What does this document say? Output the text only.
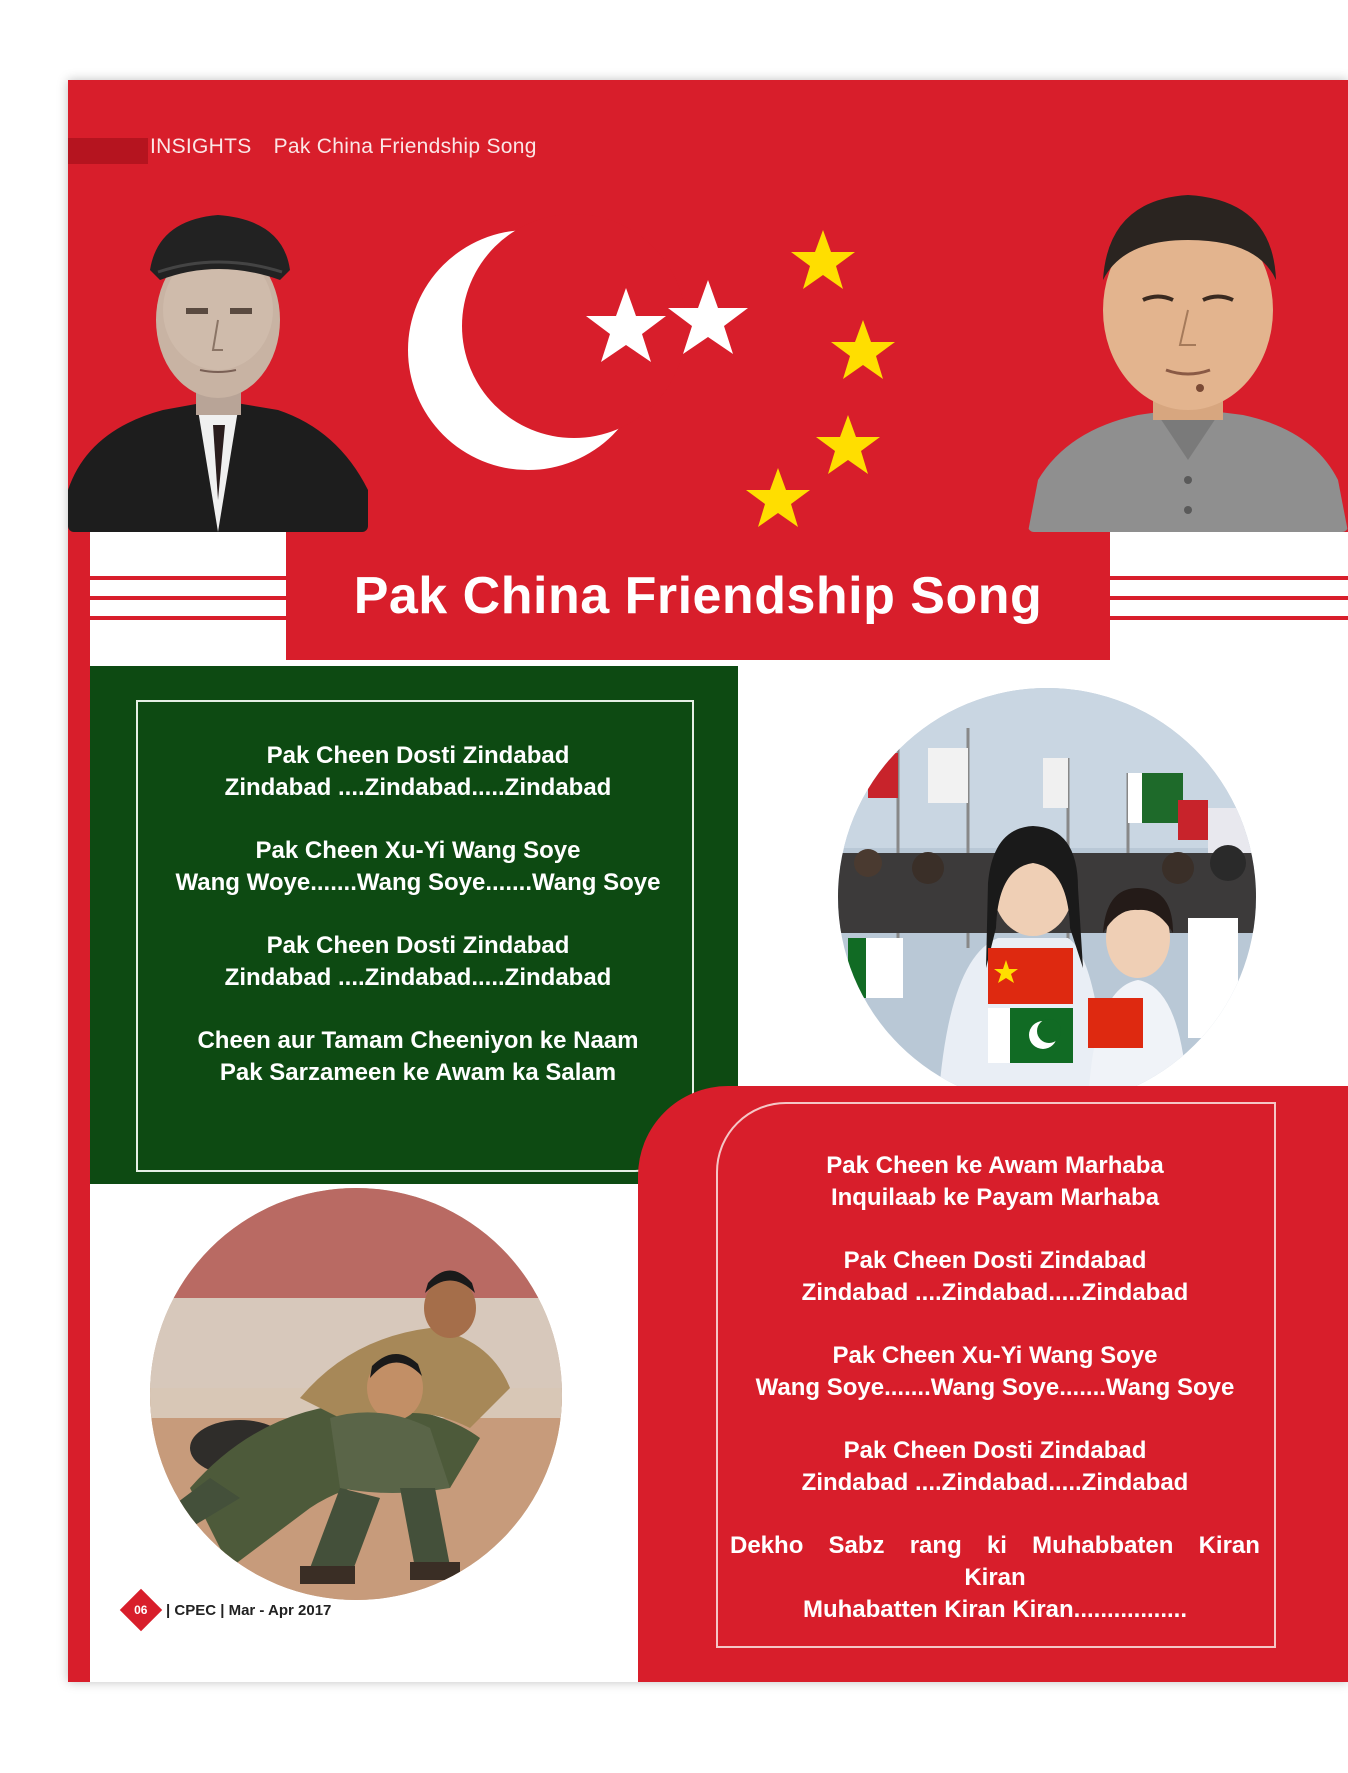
INSIGHTS Pak China Friendship Song
Pak China Friendship Song
Pak Cheen Dosti Zindabad
Zindabad ....Zindabad.....Zindabad
Pak Cheen Xu-Yi Wang Soye
Wang Woye.......Wang Soye.......Wang Soye
Pak Cheen Dosti Zindabad
Zindabad ....Zindabad.....Zindabad
Cheen aur Tamam Cheeniyon ke Naam
Pak Sarzameen ke Awam ka Salam
Pak Cheen ke Awam Marhaba
Inquilaab ke Payam Marhaba
Pak Cheen Dosti Zindabad
Zindabad ....Zindabad.....Zindabad
Pak Cheen Xu-Yi Wang Soye
Wang Soye.......Wang Soye.......Wang Soye
Pak Cheen Dosti Zindabad
Zindabad ....Zindabad.....Zindabad
Dekho Sabz rang ki Muhabbaten Kiran
Kiran
Muhabatten Kiran Kiran.................
06 | CPEC
| Mar - Apr 2017
